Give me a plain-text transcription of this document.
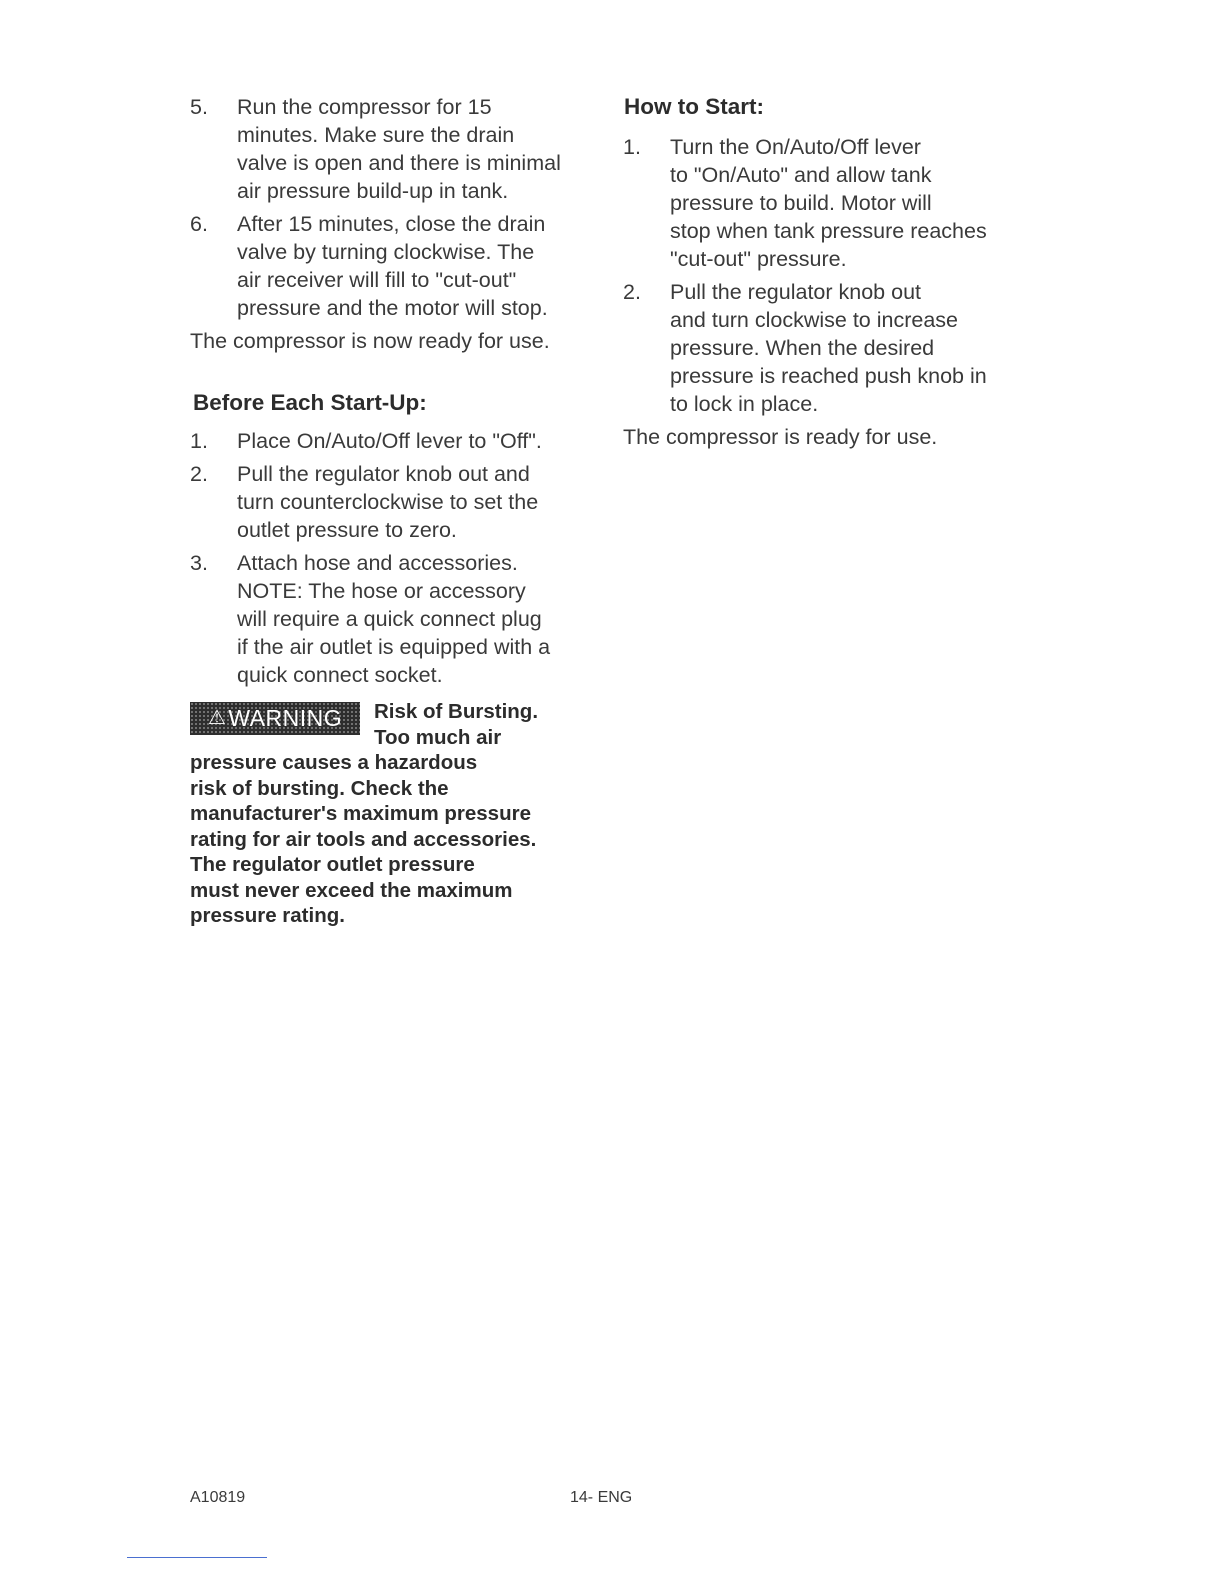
5. Run the compressor for 15
minutes. Make sure the drain
valve is open and there is minimal
air pressure build-up in tank.
6. After 15 minutes, close the drain
valve by turning clockwise. The
air receiver will fill to "cut-out"
pressure and the motor will stop.
The compressor is now ready for use.
Before Each Start-Up:
1. Place On/Auto/Off lever to "Off".
2. Pull the regulator knob out and
turn counterclockwise to set the
outlet pressure to zero.
3. Attach hose and accessories.
NOTE: The hose or accessory
will require a quick connect plug
if the air outlet is equipped with a
quick connect socket.
⚠ WARNING Risk of Bursting.
Too much air
pressure causes a hazardous
risk of bursting. Check the
manufacturer's maximum pressure
rating for air tools and accessories.
The regulator outlet pressure
must never exceed the maximum
pressure rating.
How to Start:
1. Turn the On/Auto/Off lever
to "On/Auto" and allow tank
pressure to build. Motor will
stop when tank pressure reaches
"cut-out" pressure.
2. Pull the regulator knob out
and turn clockwise to increase
pressure. When the desired
pressure is reached push knob in
to lock in place.
The compressor is ready for use.
A10819	14- ENG
